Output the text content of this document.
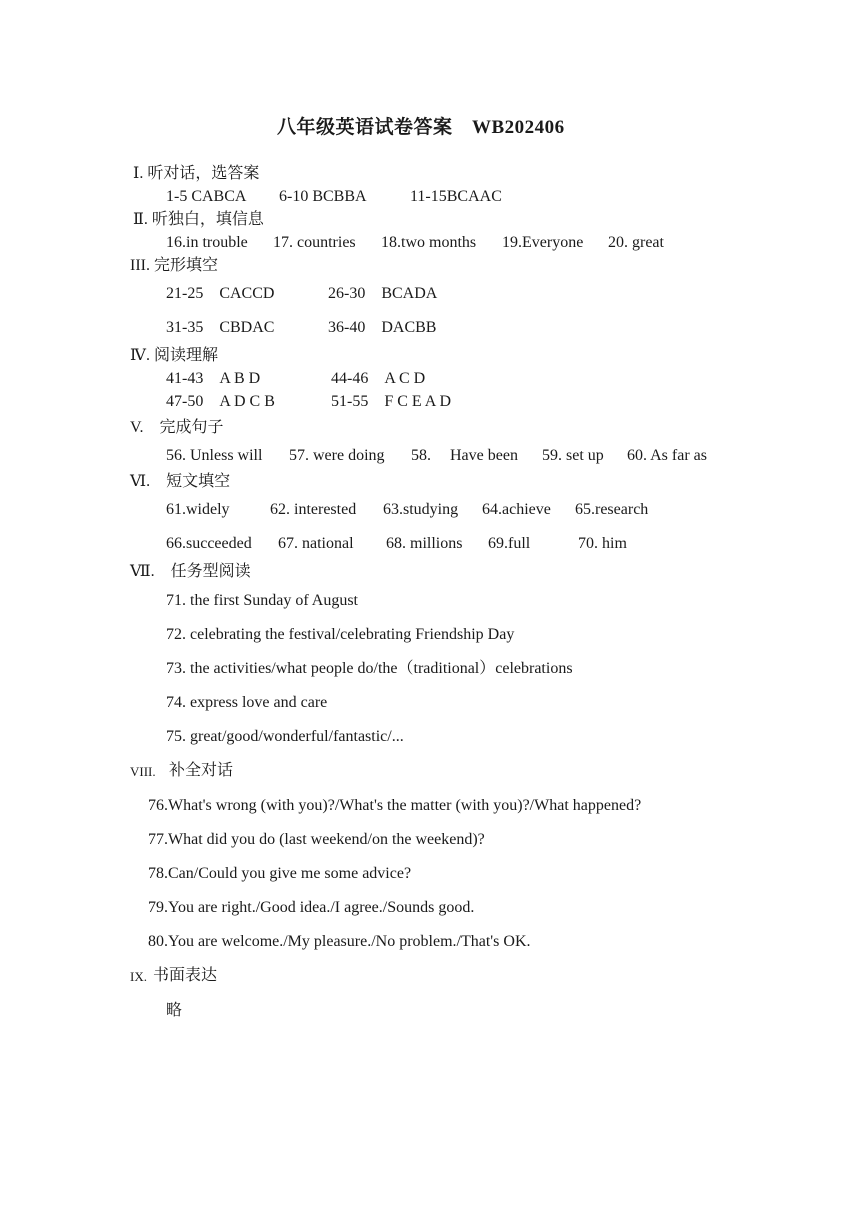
八年级英语试卷答案　WB202406
Ⅰ. 听对话，选答案
1-5 CABCA 6-10 BCBBA	11-15BCAAC
Ⅱ. 听独白，填信息
16.in trouble 17. countries 18.two months 19.Everyone 20. great
III. 完形填空
21-25　CACCD	26-30　BCADA
31-35　CBDAC	36-40　DACBB
Ⅳ. 阅读理解
41-43　A B D	44-46　A C D
47-50　A D C B	51-55　F C E A D
V.　完成句子
56. Unless will 57. were doing 58. Have been 59. set up 60. As far as
Ⅵ.　短文填空
61.widely	62. interested 63.studying 64.achieve 65.research
66.succeeded 67. national 68. millions 69.full	70. him
Ⅶ.　任务型阅读
71. the first Sunday of August
72. celebrating the festival/celebrating Friendship Day
73. the activities/what people do/the（traditional）celebrations
74. express love and care
75. great/good/wonderful/fantastic/...
VIII. 补全对话
76.What's wrong (with you)?/What's the matter (with you)?/What happened?
77.What did you do (last weekend/on the weekend)?
78.Can/Could you give me some advice?
79.You are right./Good idea./I agree./Sounds good.
80.You are welcome./My pleasure./No problem./That's OK.
IX. 书面表达
略
